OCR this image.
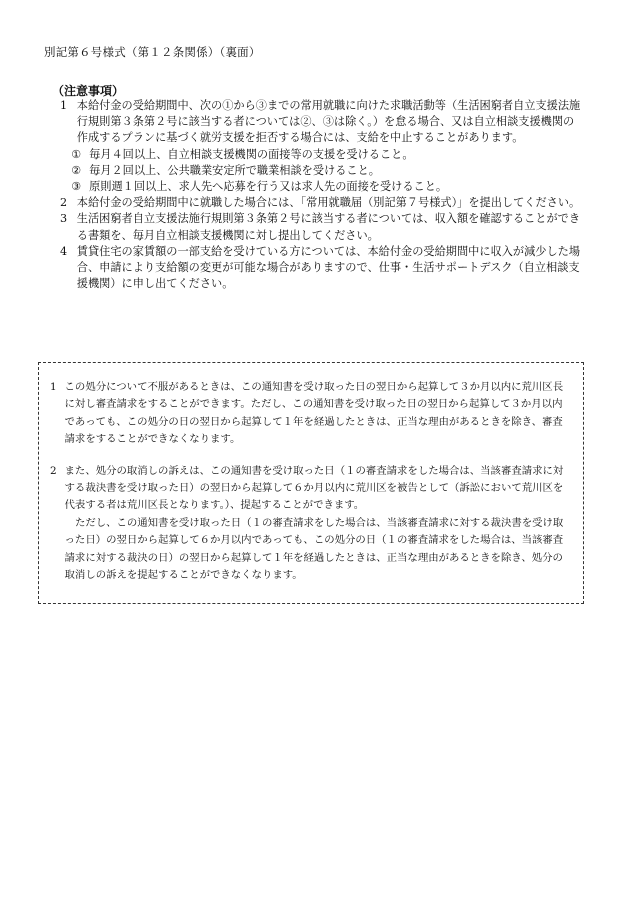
別記第６号様式（第１２条関係）（裏面）
（注意事項）

1 本給付金の受給期間中、次の①から③までの常用就職に向けた求職活動等（生活困窮者自立支援法施行規則第３条第２号に該当する者については②、③は除く。）を怠る場合、又は自立相談支援機関の作成するプランに基づく就労支援を拒否する場合には、支給を中止することがあります。

① 毎月４回以上、自立相談支援機関の面接等の支援を受けること。

② 毎月２回以上、公共職業安定所で職業相談を受けること。

③ 原則週１回以上、求人先へ応募を行う又は求人先の面接を受けること。

2 本給付金の受給期間中に就職した場合には、「常用就職届（別記第７号様式）」を提出してください。

3 生活困窮者自立支援法施行規則第３条第２号に該当する者については、収入額を確認することができる書類を、毎月自立相談支援機関に対し提出してください。

4 賃貸住宅の家賃額の一部支給を受けている方については、本給付金の受給期間中に収入が減少した場合、申請により支給額の変更が可能な場合がありますので、仕事・生活サポートデスク（自立相談支援機関）に申し出てください。

1 この処分について不服があるときは、この通知書を受け取った日の翌日から起算して３か月以内に荒川区長に対し審査請求をすることができます。ただし、この通知書を受け取った日の翌日から起算して３か月以内であっても、この処分の日の翌日から起算して１年を経過したときは、正当な理由があるときを除き、審査請求をすることができなくなります。

2 また、処分の取消しの訴えは、この通知書を受け取った日（１の審査請求をした場合は、当該審査請求に対する裁決書を受け取った日）の翌日から起算して６か月以内に荒川区を被告として（訴訟において荒川区を代表する者は荒川区長となります。）、提起することができます。

ただし、この通知書を受け取った日（１の審査請求をした場合は、当該審査請求に対する裁決書を受け取った日）の翌日から起算して６か月以内であっても、この処分の日（１の審査請求をした場合は、当該審査請求に対する裁決の日）の翌日から起算して１年を経過したときは、正当な理由があるときを除き、処分の取消しの訴えを提起することができなくなります。
